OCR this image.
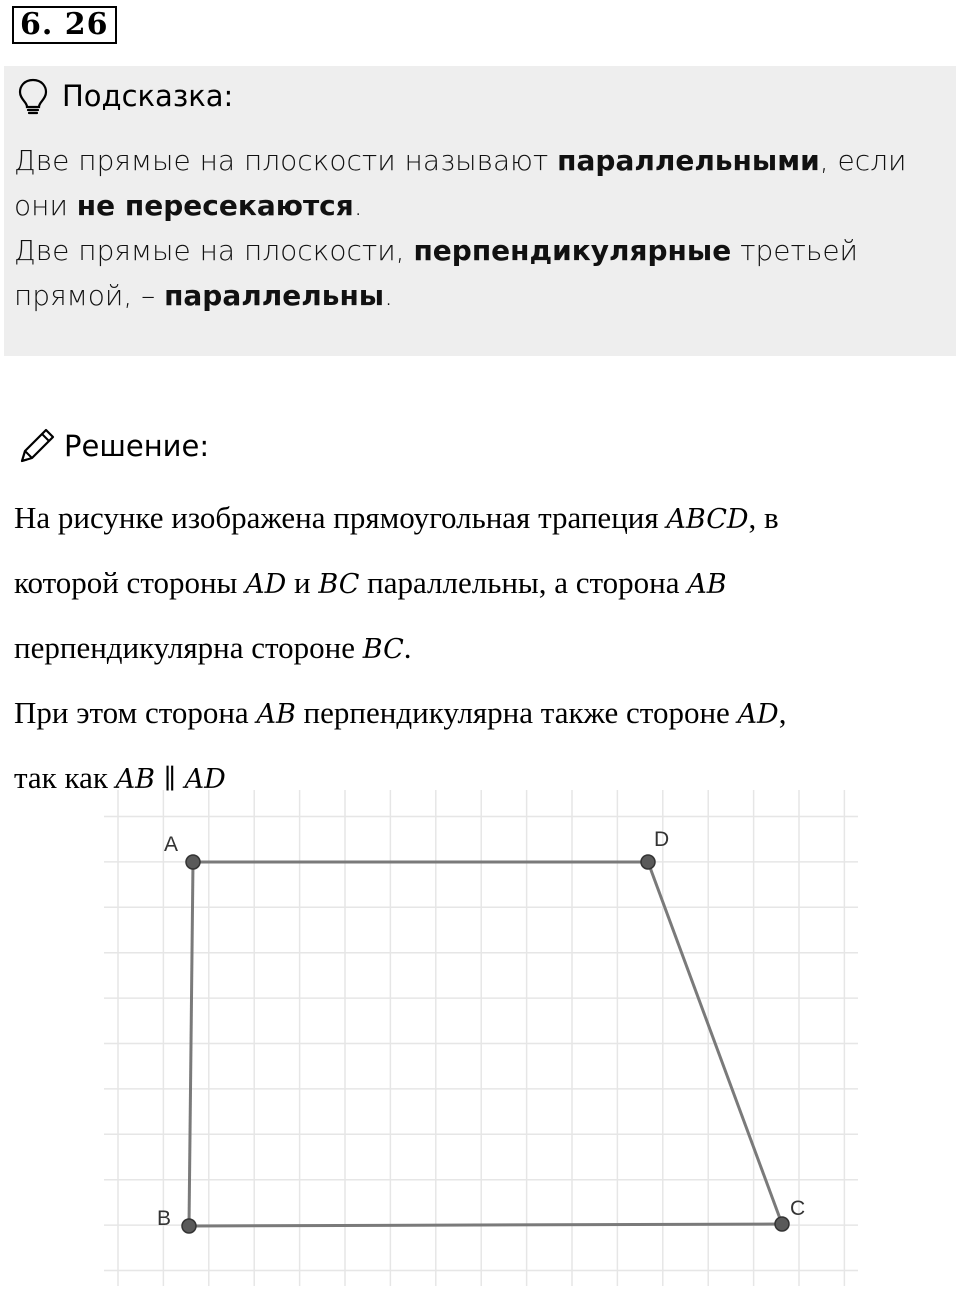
6. 26
Подсказка:
Две прямые на плоскости называют параллельными, если
они не пересекаются.
Две прямые на плоскости, перпендикулярные третьей
прямой, – параллельны.
Решение:
На рисунке изображена прямоугольная трапеция ABCD, в
которой стороны AD и BC параллельны, а сторона AB
перпендикулярна стороне BC.
При этом сторона AB перпендикулярна также стороне AD,
так как AB ∥ AD
A
B	C
D
